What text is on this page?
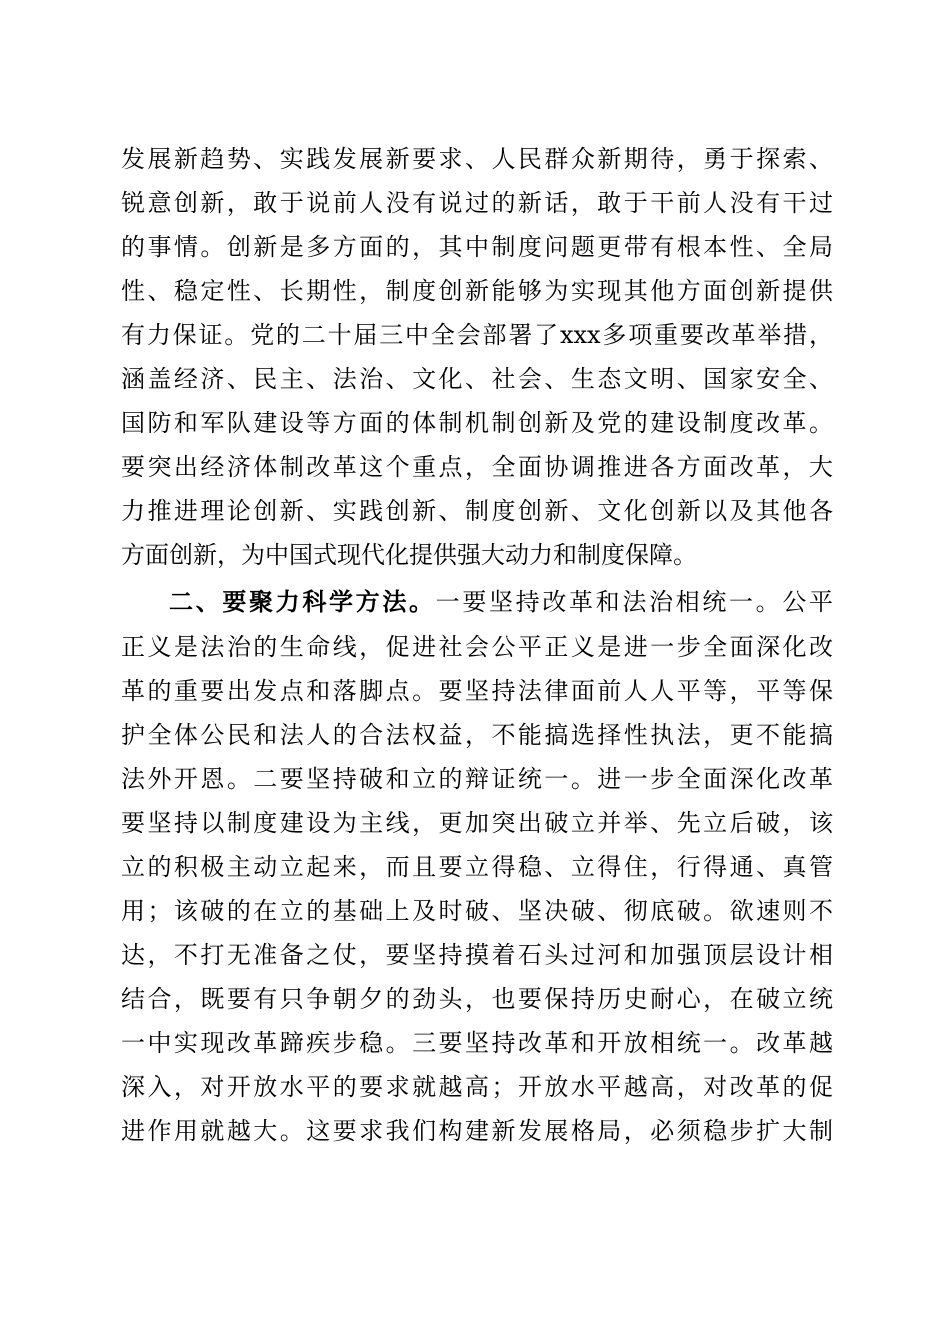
发展新趋势、实践发展新要求、人民群众新期待，勇于探索、
锐意创新，敢于说前人没有说过的新话，敢于干前人没有干过
的事情。创新是多方面的，其中制度问题更带有根本性、全局
性、稳定性、长期性，制度创新能够为实现其他方面创新提供
有力保证。党的二十届三中全会部署了xxx多项重要改革举措，
涵盖经济、民主、法治、文化、社会、生态文明、国家安全、
国防和军队建设等方面的体制机制创新及党的建设制度改革。
要突出经济体制改革这个重点，全面协调推进各方面改革，大
力推进理论创新、实践创新、制度创新、文化创新以及其他各
方面创新，为中国式现代化提供强大动力和制度保障。
二、要聚力科学方法。一要坚持改革和法治相统一。公平
正义是法治的生命线，促进社会公平正义是进一步全面深化改
革的重要出发点和落脚点。要坚持法律面前人人平等，平等保
护全体公民和法人的合法权益，不能搞选择性执法，更不能搞
法外开恩。二要坚持破和立的辩证统一。进一步全面深化改革
要坚持以制度建设为主线，更加突出破立并举、先立后破，该
立的积极主动立起来，而且要立得稳、立得住，行得通、真管
用；该破的在立的基础上及时破、坚决破、彻底破。欲速则不
达，不打无准备之仗，要坚持摸着石头过河和加强顶层设计相
结合，既要有只争朝夕的劲头，也要保持历史耐心，在破立统
一中实现改革蹄疾步稳。三要坚持改革和开放相统一。改革越
深入，对开放水平的要求就越高；开放水平越高，对改革的促
进作用就越大。这要求我们构建新发展格局，必须稳步扩大制
